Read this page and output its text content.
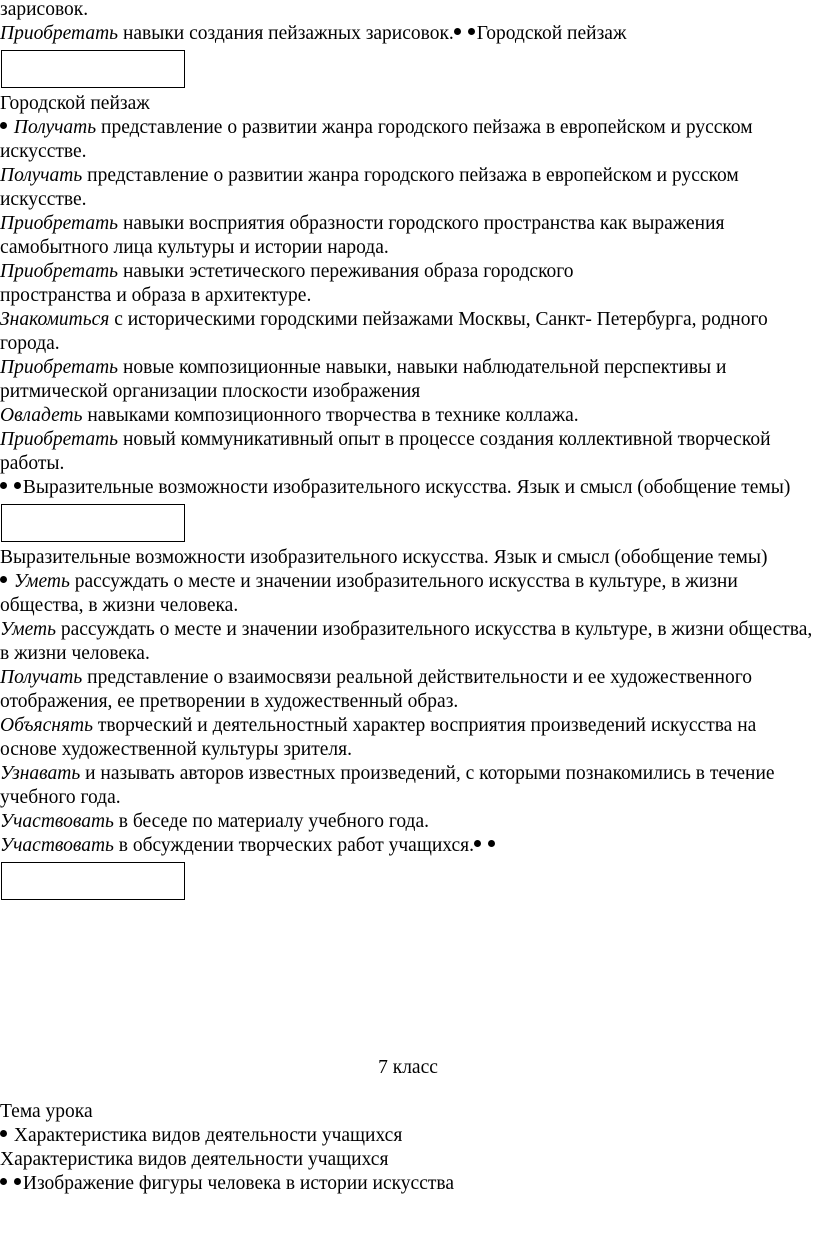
зарисовок.

Приобретать навыки создания пейзажных зарисовок. Городской пейзаж

Городской пейзаж

Получать представление о развитии жанра городского пейзажа в европейском и русском искусстве.

Получать представление о развитии жанра городского пейзажа в европейском и русском искусстве.

Приобретать навыки восприятия образности городского пространства как выражения самобытного лица культуры и истории народа.

Приобретать навыки эстетического переживания образа городского
пространства и образа в архитектуре.

Знакомиться с историческими городскими пейзажами Москвы, Санкт- Петербурга, родного города.

Приобретать новые композиционные навыки, навыки наблюдательной перспективы и ритмической организации плоскости изображения

Овладеть навыками композиционного творчества в технике коллажа.

Приобретать новый коммуникативный опыт в процессе создания коллективной творческой работы.

Выразительные возможности изобразительного искусства. Язык и смысл (обобщение темы)

Выразительные возможности изобразительного искусства. Язык и смысл (обобщение темы)

Уметь рассуждать о месте и значении изобразительного искусства в культуре, в жизни общества, в жизни человека.

Уметь рассуждать о месте и значении изобразительного искусства в культуре, в жизни общества, в жизни человека.

Получать представление о взаимосвязи реальной действительности и ее художественного отображения, ее претворении в художественный образ.

Объяснять творческий и деятельностный характер восприятия произведений искусства на основе художественной культуры зрителя.

Узнавать и называть авторов известных произведений, с которыми познакомились в течение учебного года.

Участвовать в беседе по материалу учебного года.

Участвовать в обсуждении творческих работ учащихся.

7 класс

Тема урока

Характеристика видов деятельности учащихся

Характеристика видов деятельности учащихся

Изображение фигуры человека в истории искусства
